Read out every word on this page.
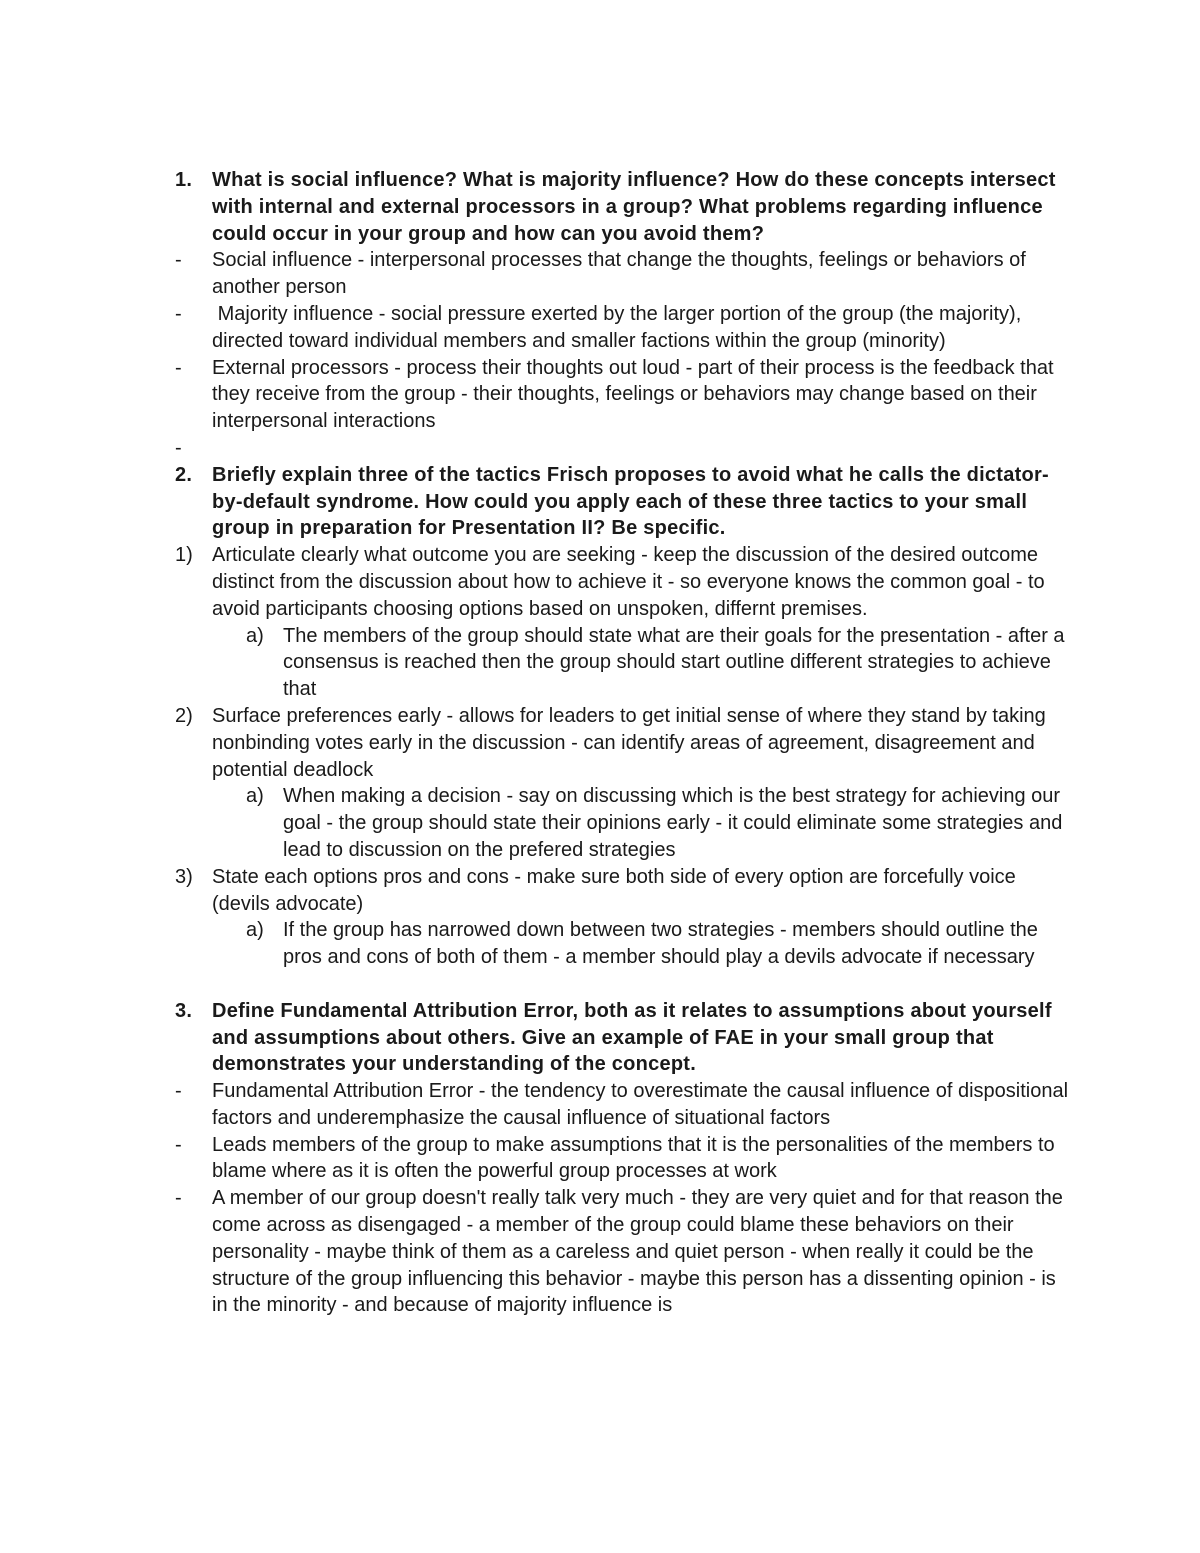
1. What is social influence? What is majority influence? How do these concepts intersect with internal and external processors in a group? What problems regarding influence could occur in your group and how can you avoid them?
- Social influence - interpersonal processes that change the thoughts, feelings or behaviors of another person
- Majority influence - social pressure exerted by the larger portion of the group (the majority), directed toward individual members and smaller factions within the group (minority)
- External processors - process their thoughts out loud - part of their process is the feedback that they receive from the group - their thoughts, feelings or behaviors may change based on their interpersonal interactions
-
2. Briefly explain three of the tactics Frisch proposes to avoid what he calls the dictator-by-default syndrome. How could you apply each of these three tactics to your small group in preparation for Presentation II? Be specific.
1) Articulate clearly what outcome you are seeking - keep the discussion of the desired outcome distinct from the discussion about how to achieve it - so everyone knows the common goal - to avoid participants choosing options based on unspoken, differnt premises.
a) The members of the group should state what are their goals for the presentation - after a consensus is reached then the group should start outline different strategies to achieve that
2) Surface preferences early - allows for leaders to get initial sense of where they stand by taking nonbinding votes early in the discussion - can identify areas of agreement, disagreement and potential deadlock
a) When making a decision - say on discussing which is the best strategy for achieving our goal - the group should state their opinions early - it could eliminate some strategies and lead to discussion on the prefered strategies
3) State each options pros and cons - make sure both side of every option are forcefully voice (devils advocate)
a) If the group has narrowed down between two strategies - members should outline the pros and cons of both of them - a member should play a devils advocate if necessary
3. Define Fundamental Attribution Error, both as it relates to assumptions about yourself and assumptions about others. Give an example of FAE in your small group that demonstrates your understanding of the concept.
- Fundamental Attribution Error - the tendency to overestimate the causal influence of dispositional factors and underemphasize the causal influence of situational factors
- Leads members of the group to make assumptions that it is the personalities of the members to blame where as it is often the powerful group processes at work
- A member of our group doesn't really talk very much - they are very quiet and for that reason the come across as disengaged - a member of the group could blame these behaviors on their personality - maybe think of them as a careless and quiet person - when really it could be the structure of the group influencing this behavior - maybe this person has a dissenting opinion - is in the minority - and because of majority influence is
